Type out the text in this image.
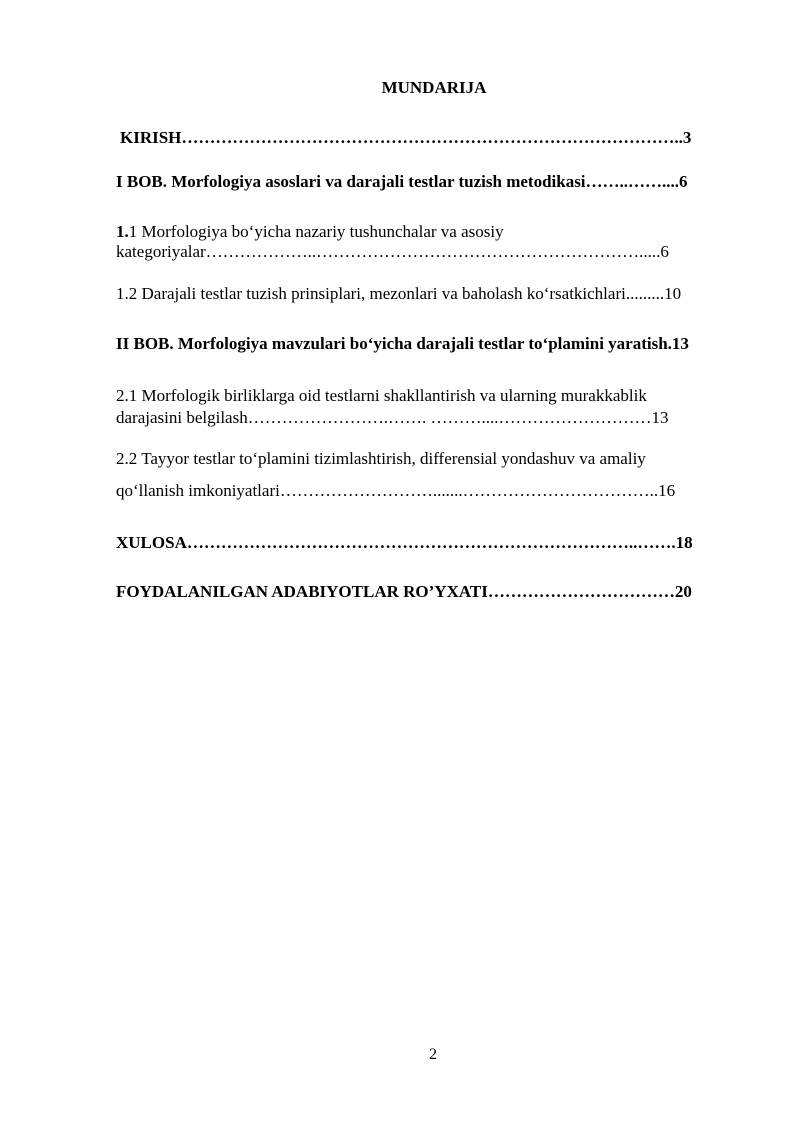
MUNDARIJA
KIRISH……………………………………………………………………………..3
I BOB. Morfologiya asoslari va darajali testlar tuzish metodikasi……..……....6
1.1 Morfologiya bo‘yicha nazariy tushunchalar va asosiy
kategoriyalar………………..………………………………………………….....6
1.2 Darajali testlar tuzish prinsiplari, mezonlari va baholash ko‘rsatkichlari.........10
II BOB. Morfologiya mavzulari bo‘yicha darajali testlar to‘plamini yaratish.13
2.1 Morfologik birliklarga oid testlarni shakllantirish va ularning murakkablik
darajasini belgilash…………………….……. ………....………………………13
2.2 Tayyor testlar to‘plamini tizimlashtirish, differensial yondashuv va amaliy
qo‘llanish imkoniyatlari……………………….......……………………………..16
XULOSA……………………………………………………………………..…….18
FOYDALANILGAN ADABIYOTLAR RO’YXATI……………………………20
2
